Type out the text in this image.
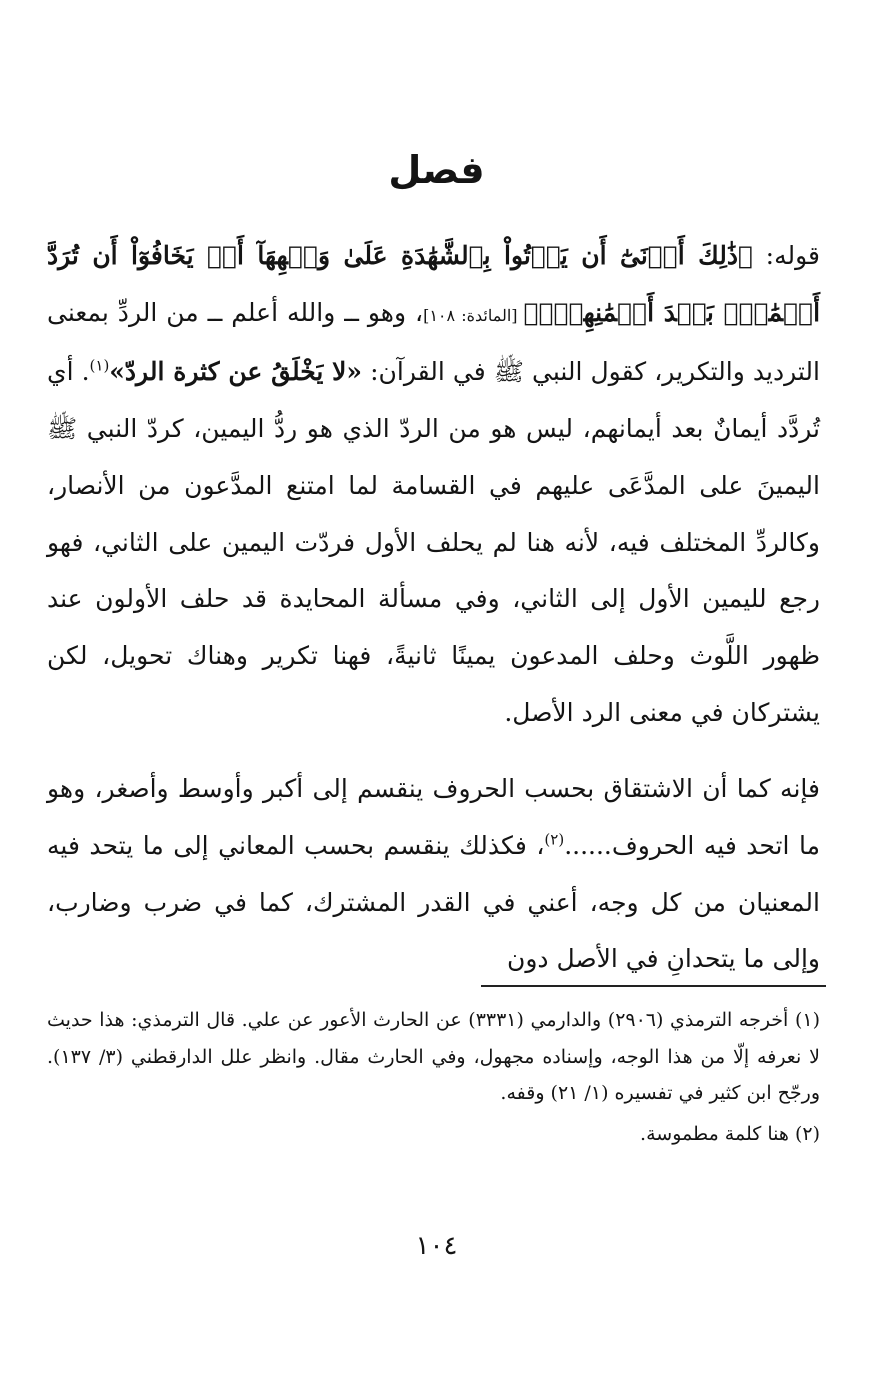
فصل

قوله: ﴿ذَٰلِكَ أَدۡنَىٰٓ أَن يَأۡتُواْ بِٱلشَّهَٰدَةِ عَلَىٰ وَجۡهِهَآ أَوۡ يَخَافُوٓاْ أَن تُرَدَّ أَيۡمَٰنُۢ بَعۡدَ أَيۡمَٰنِهِمۡۗ﴾ [المائدة: ١٠٨]، وهو ــ والله أعلم ــ من الردِّ بمعنى الترديد والتكرير، كقول النبي ﷺ في القرآن: «لا يَخْلَقُ عن كثرة الردّ»$^{(١)}$. أي تُردَّد أيمانٌ بعد أيمانهم، ليس هو من الردّ الذي هو ردُّ اليمين، كردّ النبي ﷺ اليمينَ على المدَّعَى عليهم في القسامة لما امتنع المدَّعون من الأنصار، وكالردِّ المختلف فيه، لأنه هنا لم يحلف الأول فردّت اليمين على الثاني، فهو رجع لليمين الأول إلى الثاني، وفي مسألة المحايدة قد حلف الأولون عند ظهور اللَّوث وحلف المدعون يمينًا ثانيةً، فهنا تكرير وهناك تحويل، لكن يشتركان في معنى الرد الأصل.

فإنه كما أن الاشتقاق بحسب الحروف ينقسم إلى أكبر وأوسط وأصغر، وهو ما اتحد فيه الحروف......$^{(٢)}$، فكذلك ينقسم بحسب المعاني إلى ما يتحد فيه المعنيان من كل وجه، أعني في القدر المشترك، كما في ضرب وضارب، وإلى ما يتحدانِ في الأصل دون

(١) أخرجه الترمذي (٢٩٠٦) والدارمي (٣٣٣١) عن الحارث الأعور عن علي. قال الترمذي: هذا حديث لا نعرفه إلّا من هذا الوجه، وإسناده مجهول، وفي الحارث مقال. وانظر علل الدارقطني (٣/ ١٣٧). ورجّح ابن كثير في تفسيره (١/ ٢١) وقفه.

(٢) هنا كلمة مطموسة.

١٠٤
